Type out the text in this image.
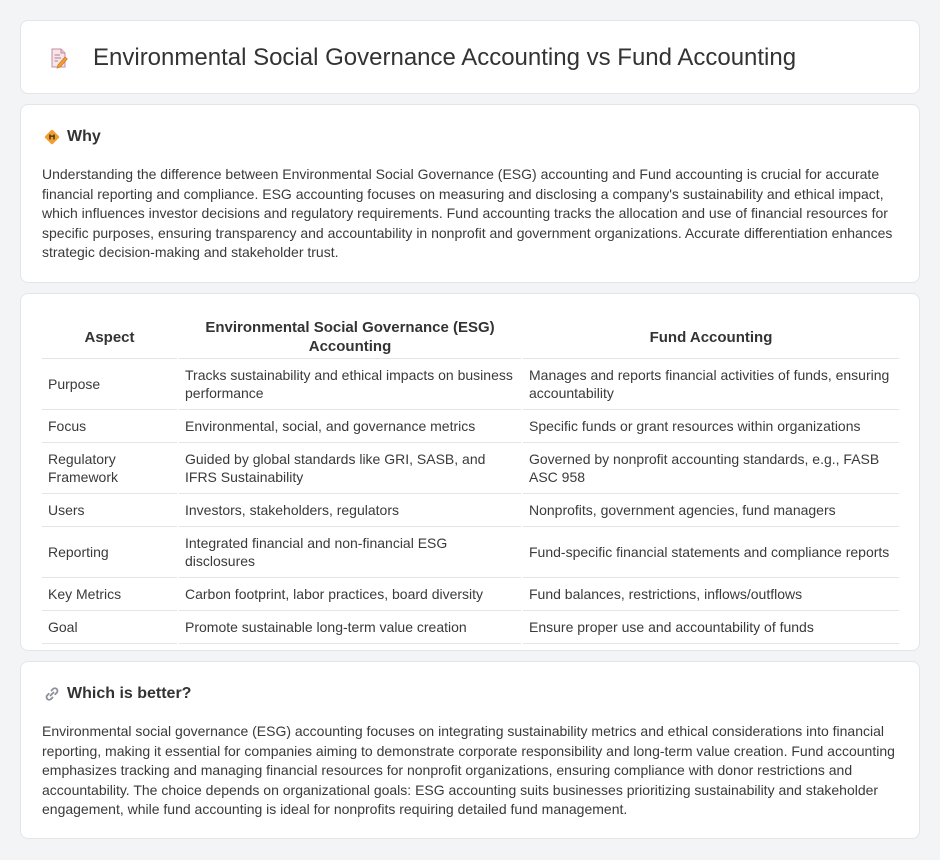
Environmental Social Governance Accounting vs Fund Accounting
Why

Understanding the difference between Environmental Social Governance (ESG) accounting and Fund accounting is crucial for accurate financial reporting and compliance. ESG accounting focuses on measuring and disclosing a company's sustainability and ethical impact, which influences investor decisions and regulatory requirements. Fund accounting tracks the allocation and use of financial resources for specific purposes, ensuring transparency and accountability in nonprofit and government organizations. Accurate differentiation enhances strategic decision-making and stakeholder trust.

Aspect	Environmental Social Governance (ESG) Accounting	Fund Accounting
Purpose	Tracks sustainability and ethical impacts on business performance	Manages and reports financial activities of funds, ensuring accountability
Focus	Environmental, social, and governance metrics	Specific funds or grant resources within organizations
Regulatory Framework	Guided by global standards like GRI, SASB, and IFRS Sustainability	Governed by nonprofit accounting standards, e.g., FASB ASC 958
Users	Investors, stakeholders, regulators	Nonprofits, government agencies, fund managers
Reporting	Integrated financial and non-financial ESG disclosures	Fund-specific financial statements and compliance reports
Key Metrics	Carbon footprint, labor practices, board diversity	Fund balances, restrictions, inflows/outflows
Goal	Promote sustainable long-term value creation	Ensure proper use and accountability of funds
Which is better?

Environmental social governance (ESG) accounting focuses on integrating sustainability metrics and ethical considerations into financial reporting, making it essential for companies aiming to demonstrate corporate responsibility and long-term value creation. Fund accounting emphasizes tracking and managing financial resources for nonprofit organizations, ensuring compliance with donor restrictions and accountability. The choice depends on organizational goals: ESG accounting suits businesses prioritizing sustainability and stakeholder engagement, while fund accounting is ideal for nonprofits requiring detailed fund management.
